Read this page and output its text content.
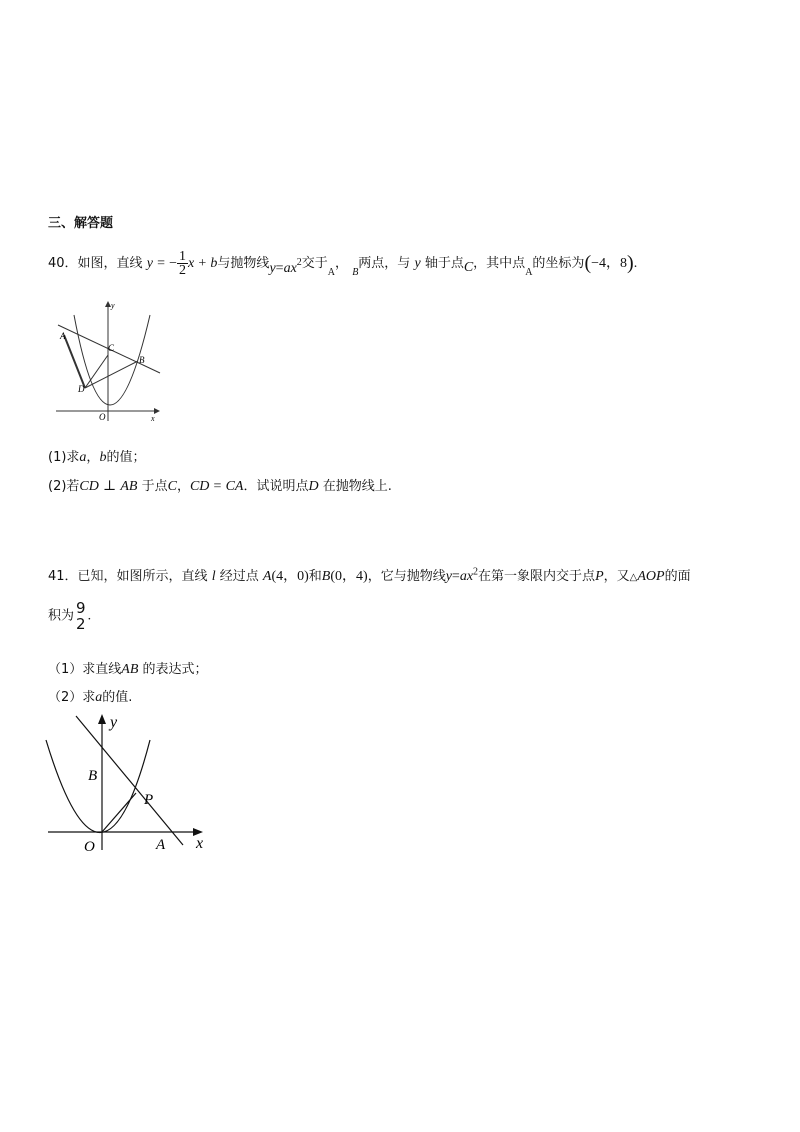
三、解答题
40．如图，直线 y = − $\frac{1}{2}$ x + b与抛物线$y=ax^2$交于$_A$， $_B$两点，与 y 轴于点C，其中点$_A$的坐标为(−4，8).
y
A
C
B
D
O	x
(1)求a，b的值；
(2)若CD ⊥ AB 于点C，CD = CA．试说明点D 在抛物线上.
41．已知，如图所示，直线 l 经过点 A(4，0)和B(0，4)，它与抛物线$y=ax^2$在第一象限内交于点P，又△AOP的面
积为 9
2 .
（1）求直线AB 的表达式；
（2）求a的值.
y
B
P
O	A x
